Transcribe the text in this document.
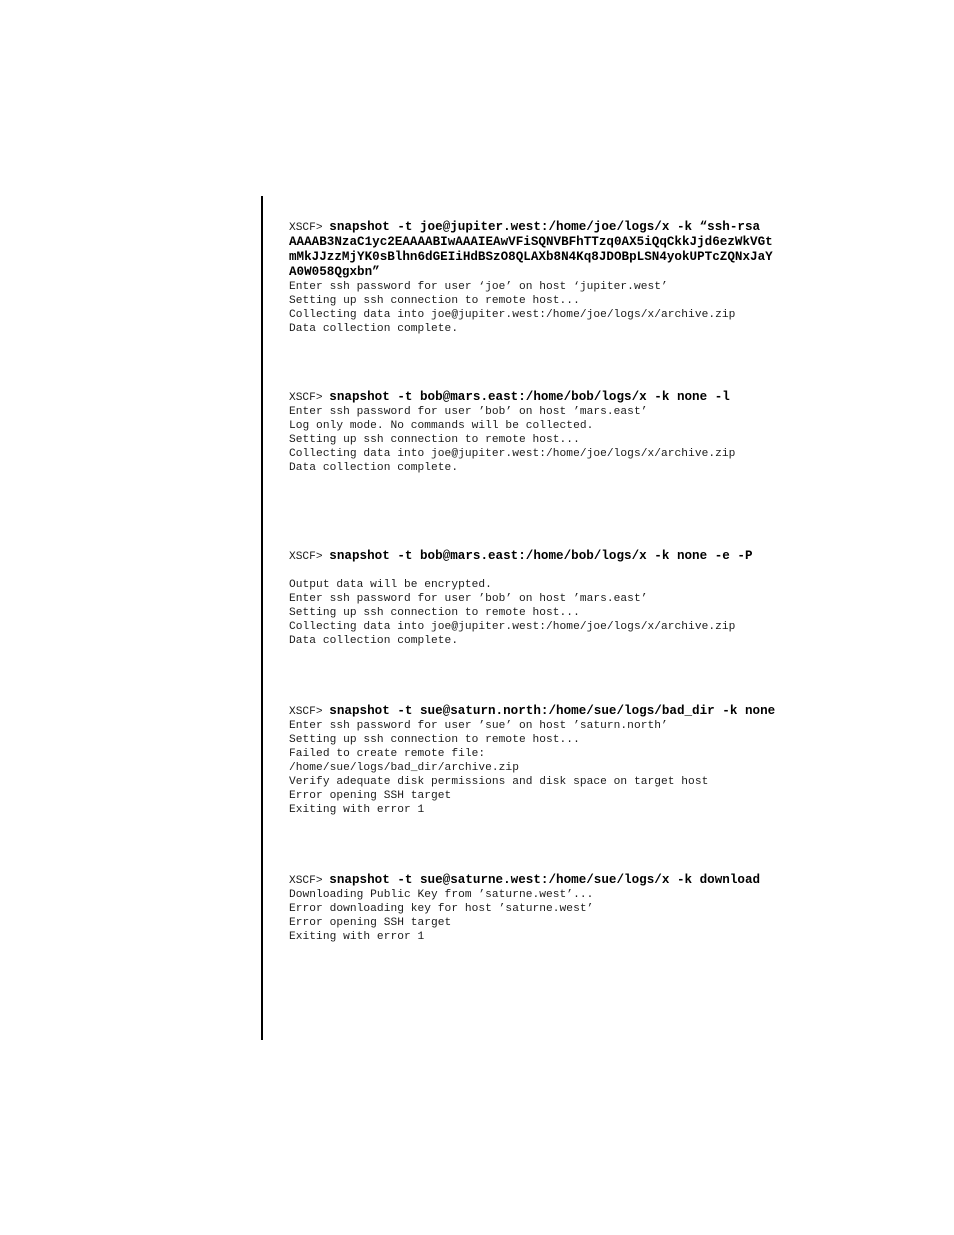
XSCF> snapshot -t joe@jupiter.west:/home/joe/logs/x -k “ssh-rsa
AAAAB3NzaC1yc2EAAAABIwAAAIEAwVFiSQNVBFhTTzq0AX5iQqCkkJjd6ezWkVGt
mMkJJzzMjYK0sBlhn6dGEIiHdBSzO8QLAXb8N4Kq8JDOBpLSN4yokUPTcZQNxJaY
A0W058Qgxbn”
Enter ssh password for user ‘joe’ on host ‘jupiter.west’
Setting up ssh connection to remote host...
Collecting data into joe@jupiter.west:/home/joe/logs/x/archive.zip
Data collection complete.
XSCF> snapshot -t bob@mars.east:/home/bob/logs/x -k none -l
Enter ssh password for user ’bob’ on host ’mars.east’
Log only mode. No commands will be collected.
Setting up ssh connection to remote host...
Collecting data into joe@jupiter.west:/home/joe/logs/x/archive.zip
Data collection complete.
XSCF> snapshot -t bob@mars.east:/home/bob/logs/x -k none -e -P
Output data will be encrypted.
Enter ssh password for user ’bob’ on host ’mars.east’
Setting up ssh connection to remote host...
Collecting data into joe@jupiter.west:/home/joe/logs/x/archive.zip
Data collection complete.
XSCF> snapshot -t sue@saturn.north:/home/sue/logs/bad_dir -k none
Enter ssh password for user ’sue’ on host ’saturn.north’
Setting up ssh connection to remote host...
Failed to create remote file:
/home/sue/logs/bad_dir/archive.zip
Verify adequate disk permissions and disk space on target host
Error opening SSH target
Exiting with error 1
XSCF> snapshot -t sue@saturne.west:/home/sue/logs/x -k download
Downloading Public Key from ’saturne.west’...
Error downloading key for host ’saturne.west’
Error opening SSH target
Exiting with error 1
